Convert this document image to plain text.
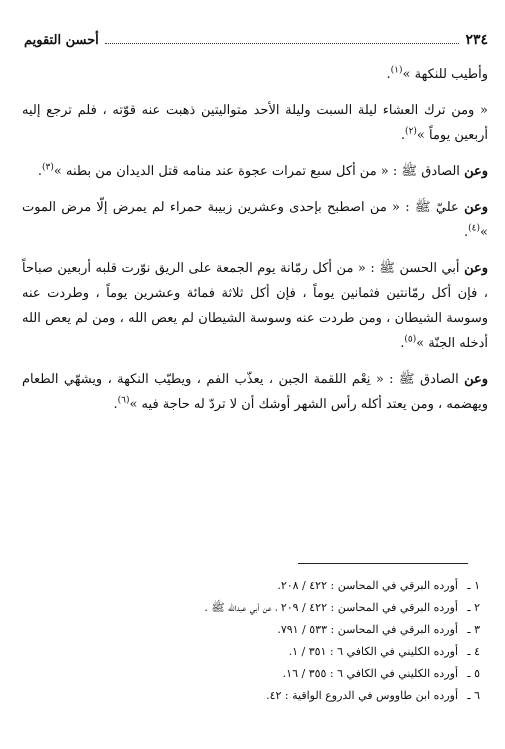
٢٣٤
أحسن التقويم

وأطيب للنكهة »$^{(١)}$.

« ومن ترك العشاء ليلة السبت وليلة الأحد متواليتين ذهبت عنه قوّته ، فلم ترجع إليه أربعين يوماً »$^{(٢)}$.

وعن الصادق ﷺ : « من أكل سبع تمرات عجوة عند منامه قتل الديدان من بطنه »$^{(٣)}$.

وعن عليّ ﷺ : « من اصطبح بإحدى وعشرين زبيبة حمراء لم يمرض إلّا مرض الموت »$^{(٤)}$.

وعن أبي الحسن ﷺ : « من أكل رمّانة يوم الجمعة على الريق نوّرت قلبه أربعين صباحاً ، فإن أكل رمّانتين فثمانين يوماً ، فإن أكل ثلاثة فمائة وعشرين يوماً ، وطردت عنه وسوسة الشيطان ، ومن طردت عنه وسوسة الشيطان لم يعص الله ، ومن لم يعص الله أدخله الجنّة »$^{(٥)}$.

وعن الصادق ﷺ : « نِعْم اللقمة الجبن ، يعذّب الفم ، ويطيّب النكهة ، ويشهّي الطعام ويهضمه ، ومن يعتد أكله رأس الشهر أوشك أن لا تردّ له حاجة فيه »$^{(٦)}$.

١ ـ
أورده البرقي في المحاسن : ٤٢٢ / ٢٠٨.
٢ ـ
أورده البرقي في المحاسن : ٤٢٢ / ٢٠٩ ، عن أبي عبدالله ﷺ .
٣ ـ
أورده البرقي في المحاسن : ٥٣٣ / ٧٩١.
٤ ـ
أورده الكليني في الكافي ٦ : ٣٥١ / ١.
٥ ـ
أورده الكليني في الكافي ٦ : ٣٥٥ / ١٦.
٦ ـ
أورده ابن طاووس في الدروع الواقية : ٤٢.
